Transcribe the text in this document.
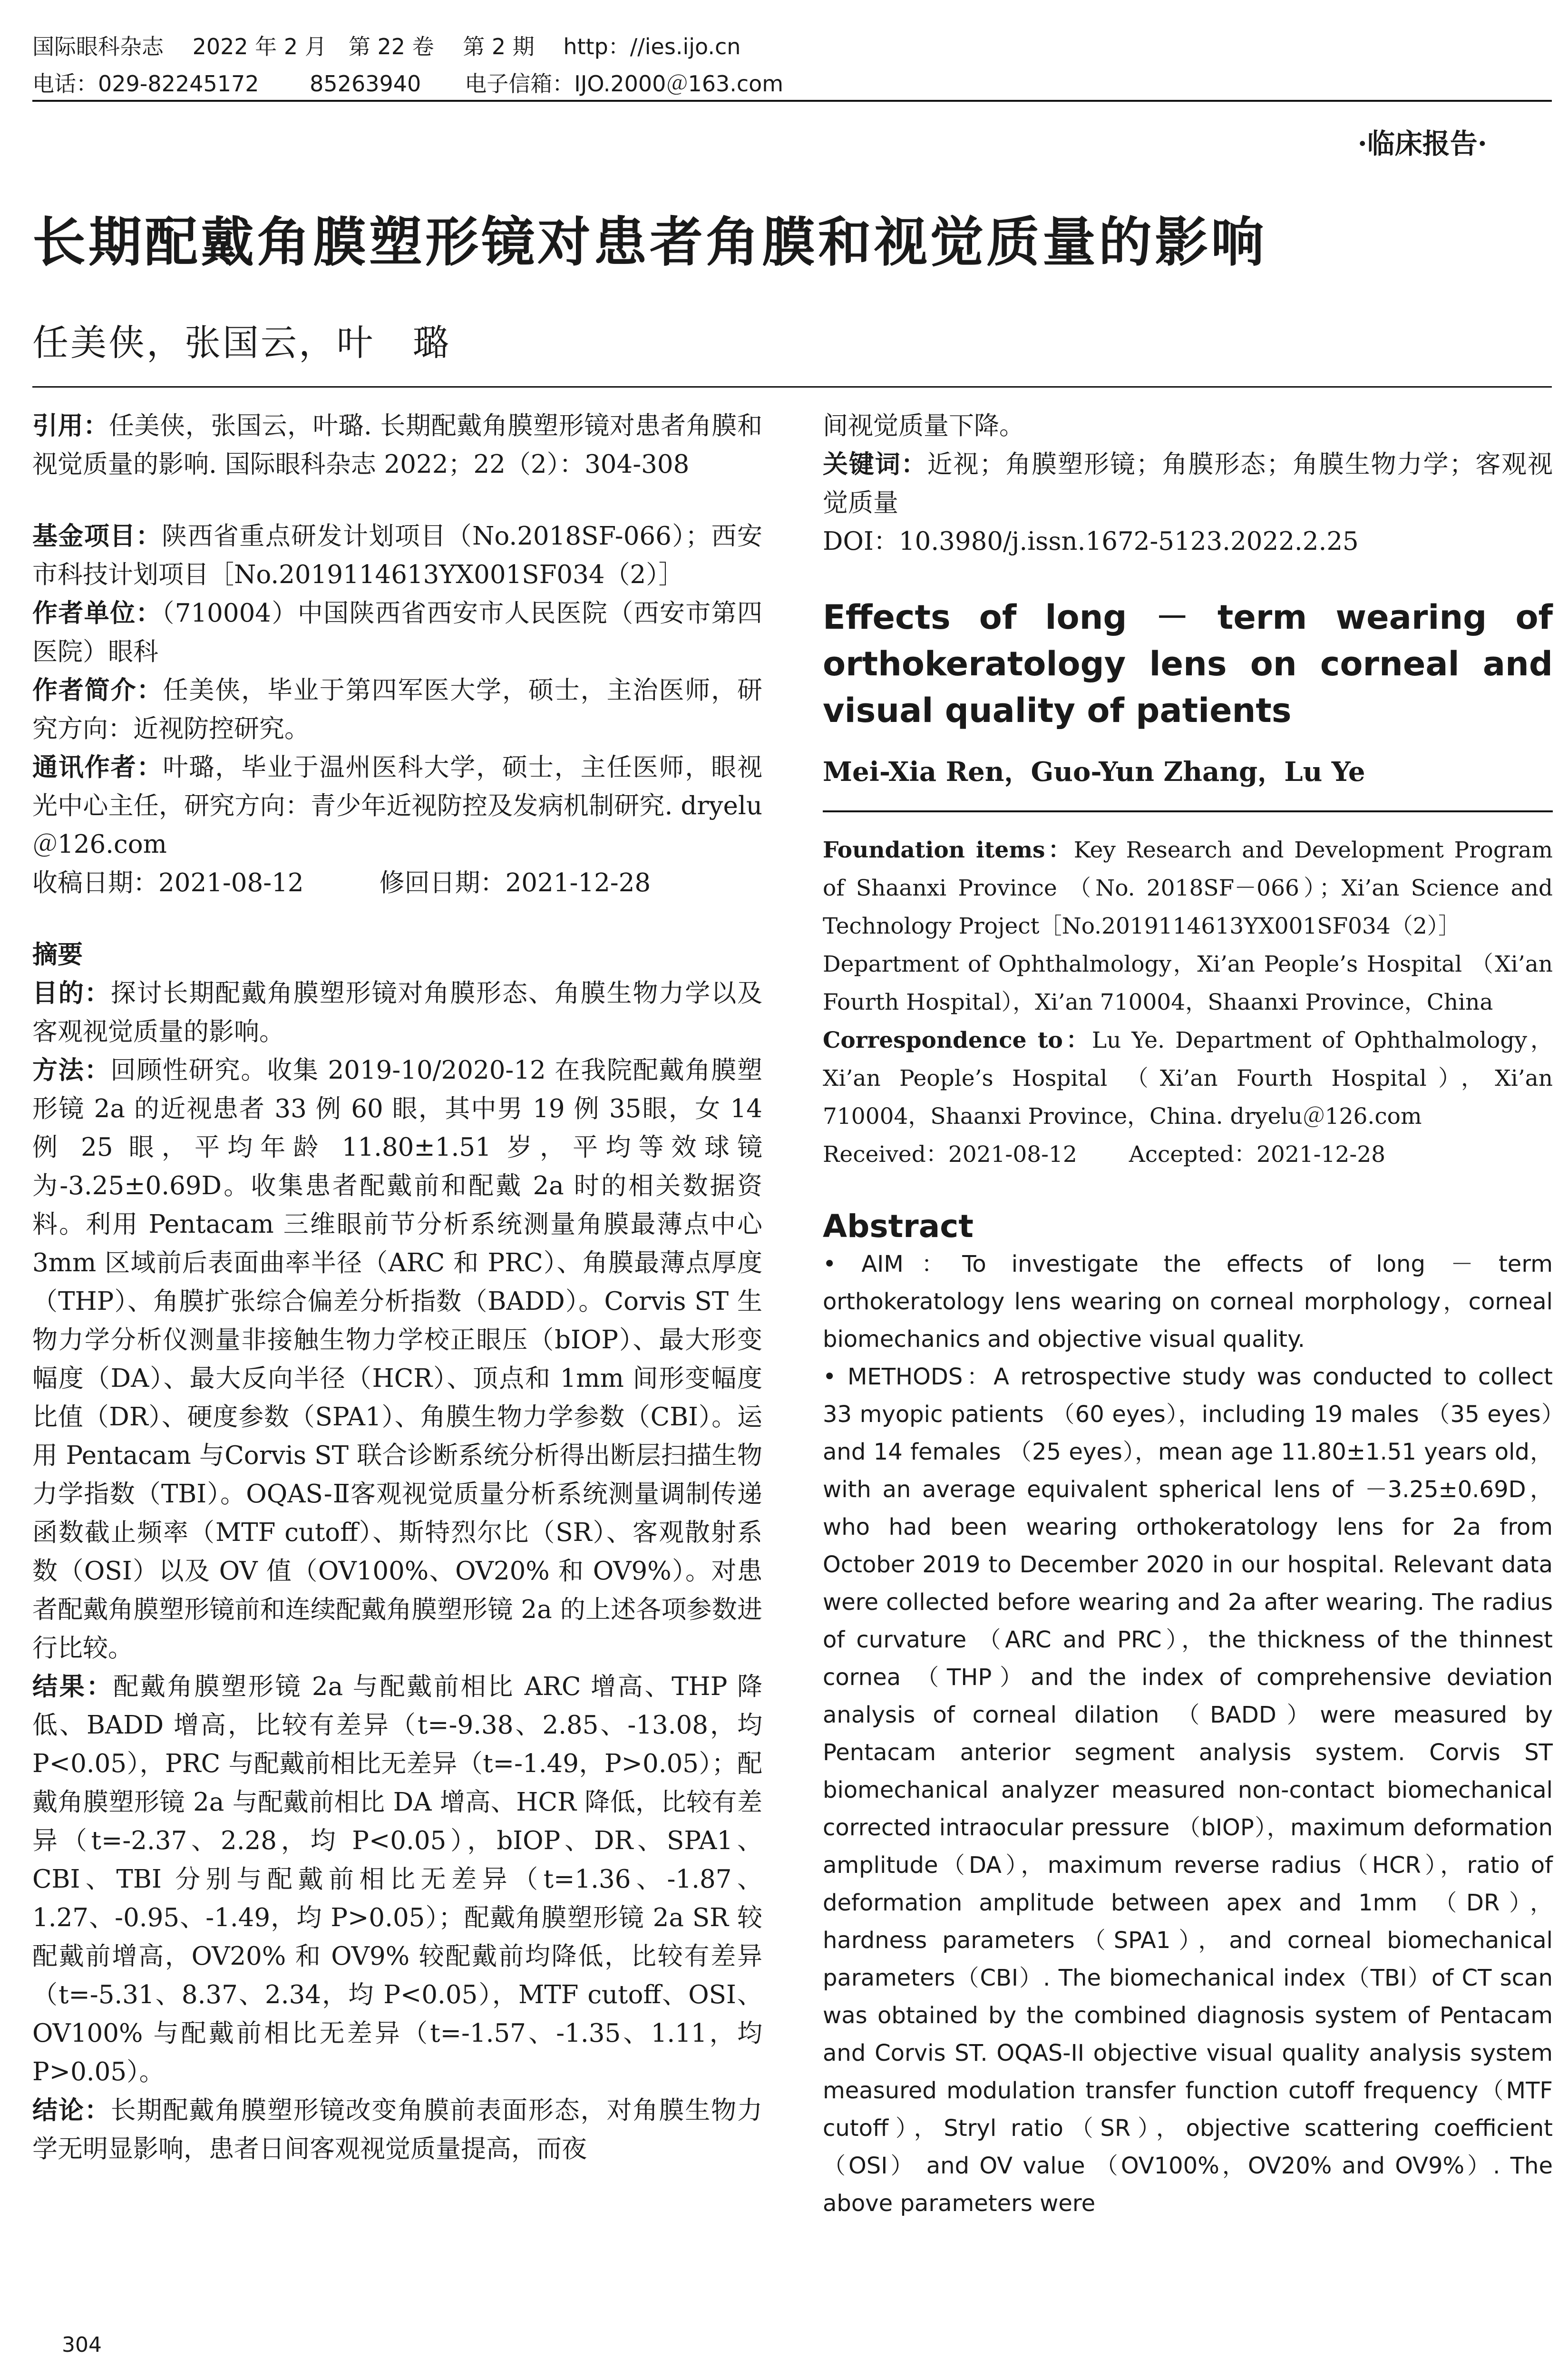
国际眼科杂志　 2022 年 2 月　第 22 卷　 第 2 期　 http：//ies.ijo.cn
电话：029-82245172　　 85263940　　电子信箱：IJO.2000＠163.com
·临床报告·
长期配戴角膜塑形镜对患者角膜和视觉质量的影响
任美侠，张国云，叶　璐

引用：任美侠，张国云，叶璐. 长期配戴角膜塑形镜对患者角膜和视觉质量的影响. 国际眼科杂志 2022；22（2）：304-308

基金项目：陕西省重点研发计划项目（No.2018SF-066）；西安市科技计划项目［No.2019114613YX001SF034（2）］

作者单位：（710004）中国陕西省西安市人民医院（西安市第四医院）眼科

作者简介：任美侠，毕业于第四军医大学，硕士，主治医师，研究方向：近视防控研究。

通讯作者：叶璐，毕业于温州医科大学，硕士，主任医师，眼视光中心主任，研究方向：青少年近视防控及发病机制研究. dryelu＠126.com

收稿日期：2021-08-12　　　修回日期：2021-12-28

摘要

目的：探讨长期配戴角膜塑形镜对角膜形态、角膜生物力学以及客观视觉质量的影响。

方法：回顾性研究。收集 2019-10/2020-12 在我院配戴角膜塑形镜 2a 的近视患者 33 例 60 眼，其中男 19 例 35眼，女 14 例 25 眼，平均年龄 11.80±1.51 岁，平均等效球镜为-3.25±0.69D。收集患者配戴前和配戴 2a 时的相关数据资料。利用 Pentacam 三维眼前节分析系统测量角膜最薄点中心 3mm 区域前后表面曲率半径（ARC 和 PRC）、角膜最薄点厚度（THP）、角膜扩张综合偏差分析指数（BADD）。Corvis ST 生物力学分析仪测量非接触生物力学校正眼压（bIOP）、最大形变幅度（DA）、最大反向半径（HCR）、顶点和 1mm 间形变幅度比值（DR）、硬度参数（SPA1）、角膜生物力学参数（CBI）。运用 Pentacam 与Corvis ST 联合诊断系统分析得出断层扫描生物力学指数（TBI）。OQAS-Ⅱ客观视觉质量分析系统测量调制传递函数截止频率（MTF cutoff）、斯特烈尔比（SR）、客观散射系数（OSI）以及 OV 值（OV100%、OV20% 和 OV9%）。对患者配戴角膜塑形镜前和连续配戴角膜塑形镜 2a 的上述各项参数进行比较。

结果：配戴角膜塑形镜 2a 与配戴前相比 ARC 增高、THP 降低、BADD 增高，比较有差异（t=-9.38、2.85、-13.08，均 P<0.05），PRC 与配戴前相比无差异（t=-1.49，P>0.05）；配戴角膜塑形镜 2a 与配戴前相比 DA 增高、HCR 降低，比较有差异（t=-2.37、2.28，均 P<0.05），bIOP、DR、SPA1、CBI、TBI 分别与配戴前相比无差异（t=1.36、-1.87、1.27、-0.95、-1.49，均 P>0.05）；配戴角膜塑形镜 2a SR 较配戴前增高，OV20% 和 OV9% 较配戴前均降低，比较有差异（t=-5.31、8.37、2.34，均 P<0.05），MTF cutoff、OSI、OV100% 与配戴前相比无差异（t=-1.57、-1.35、1.11，均 P>0.05）。

结论：长期配戴角膜塑形镜改变角膜前表面形态，对角膜生物力学无明显影响，患者日间客观视觉质量提高，而夜

间视觉质量下降。

关键词：近视；角膜塑形镜；角膜形态；角膜生物力学；客观视觉质量

DOI：10.3980/j.issn.1672-5123.2022.2.25

Effects of long － term wearing of orthokeratology lens on corneal and visual quality of patients

Mei-Xia Ren，Guo-Yun Zhang，Lu Ye

Foundation items：Key Research and Development Program of Shaanxi Province （No. 2018SF－066）；Xi’an Science and Technology Project［No.2019114613YX001SF034（2）］

Department of Ophthalmology，Xi’an People’s Hospital （Xi’an Fourth Hospital），Xi’an 710004，Shaanxi Province，China

Correspondence to：Lu Ye. Department of Ophthalmology，Xi’an People’s Hospital （Xi’an Fourth Hospital），Xi’an 710004，Shaanxi Province，China. dryelu＠126.com

Received：2021-08-12　　 Accepted：2021-12-28

Abstract

• AIM：To investigate the effects of long － term orthokeratology lens wearing on corneal morphology，corneal biomechanics and objective visual quality.

• METHODS：A retrospective study was conducted to collect 33 myopic patients （60 eyes），including 19 males （35 eyes）and 14 females （25 eyes），mean age 11.80±1.51 years old，with an average equivalent spherical lens of －3.25±0.69D，who had been wearing orthokeratology lens for 2a from October 2019 to December 2020 in our hospital. Relevant data were collected before wearing and 2a after wearing. The radius of curvature （ARC and PRC），the thickness of the thinnest cornea （THP）and the index of comprehensive deviation analysis of corneal dilation （BADD）were measured by Pentacam anterior segment analysis system. Corvis ST biomechanical analyzer measured non-contact biomechanical corrected intraocular pressure （bIOP），maximum deformation amplitude（DA），maximum reverse radius（HCR），ratio of deformation amplitude between apex and 1mm （DR），hardness parameters（SPA1），and corneal biomechanical parameters（CBI）. The biomechanical index（TBI）of CT scan was obtained by the combined diagnosis system of Pentacam and Corvis ST. OQAS-II objective visual quality analysis system measured modulation transfer function cutoff frequency（MTF cutoff），Stryl ratio（SR），objective scattering coefficient （OSI） and OV value （OV100%，OV20% and OV9%）. The above parameters were

304
